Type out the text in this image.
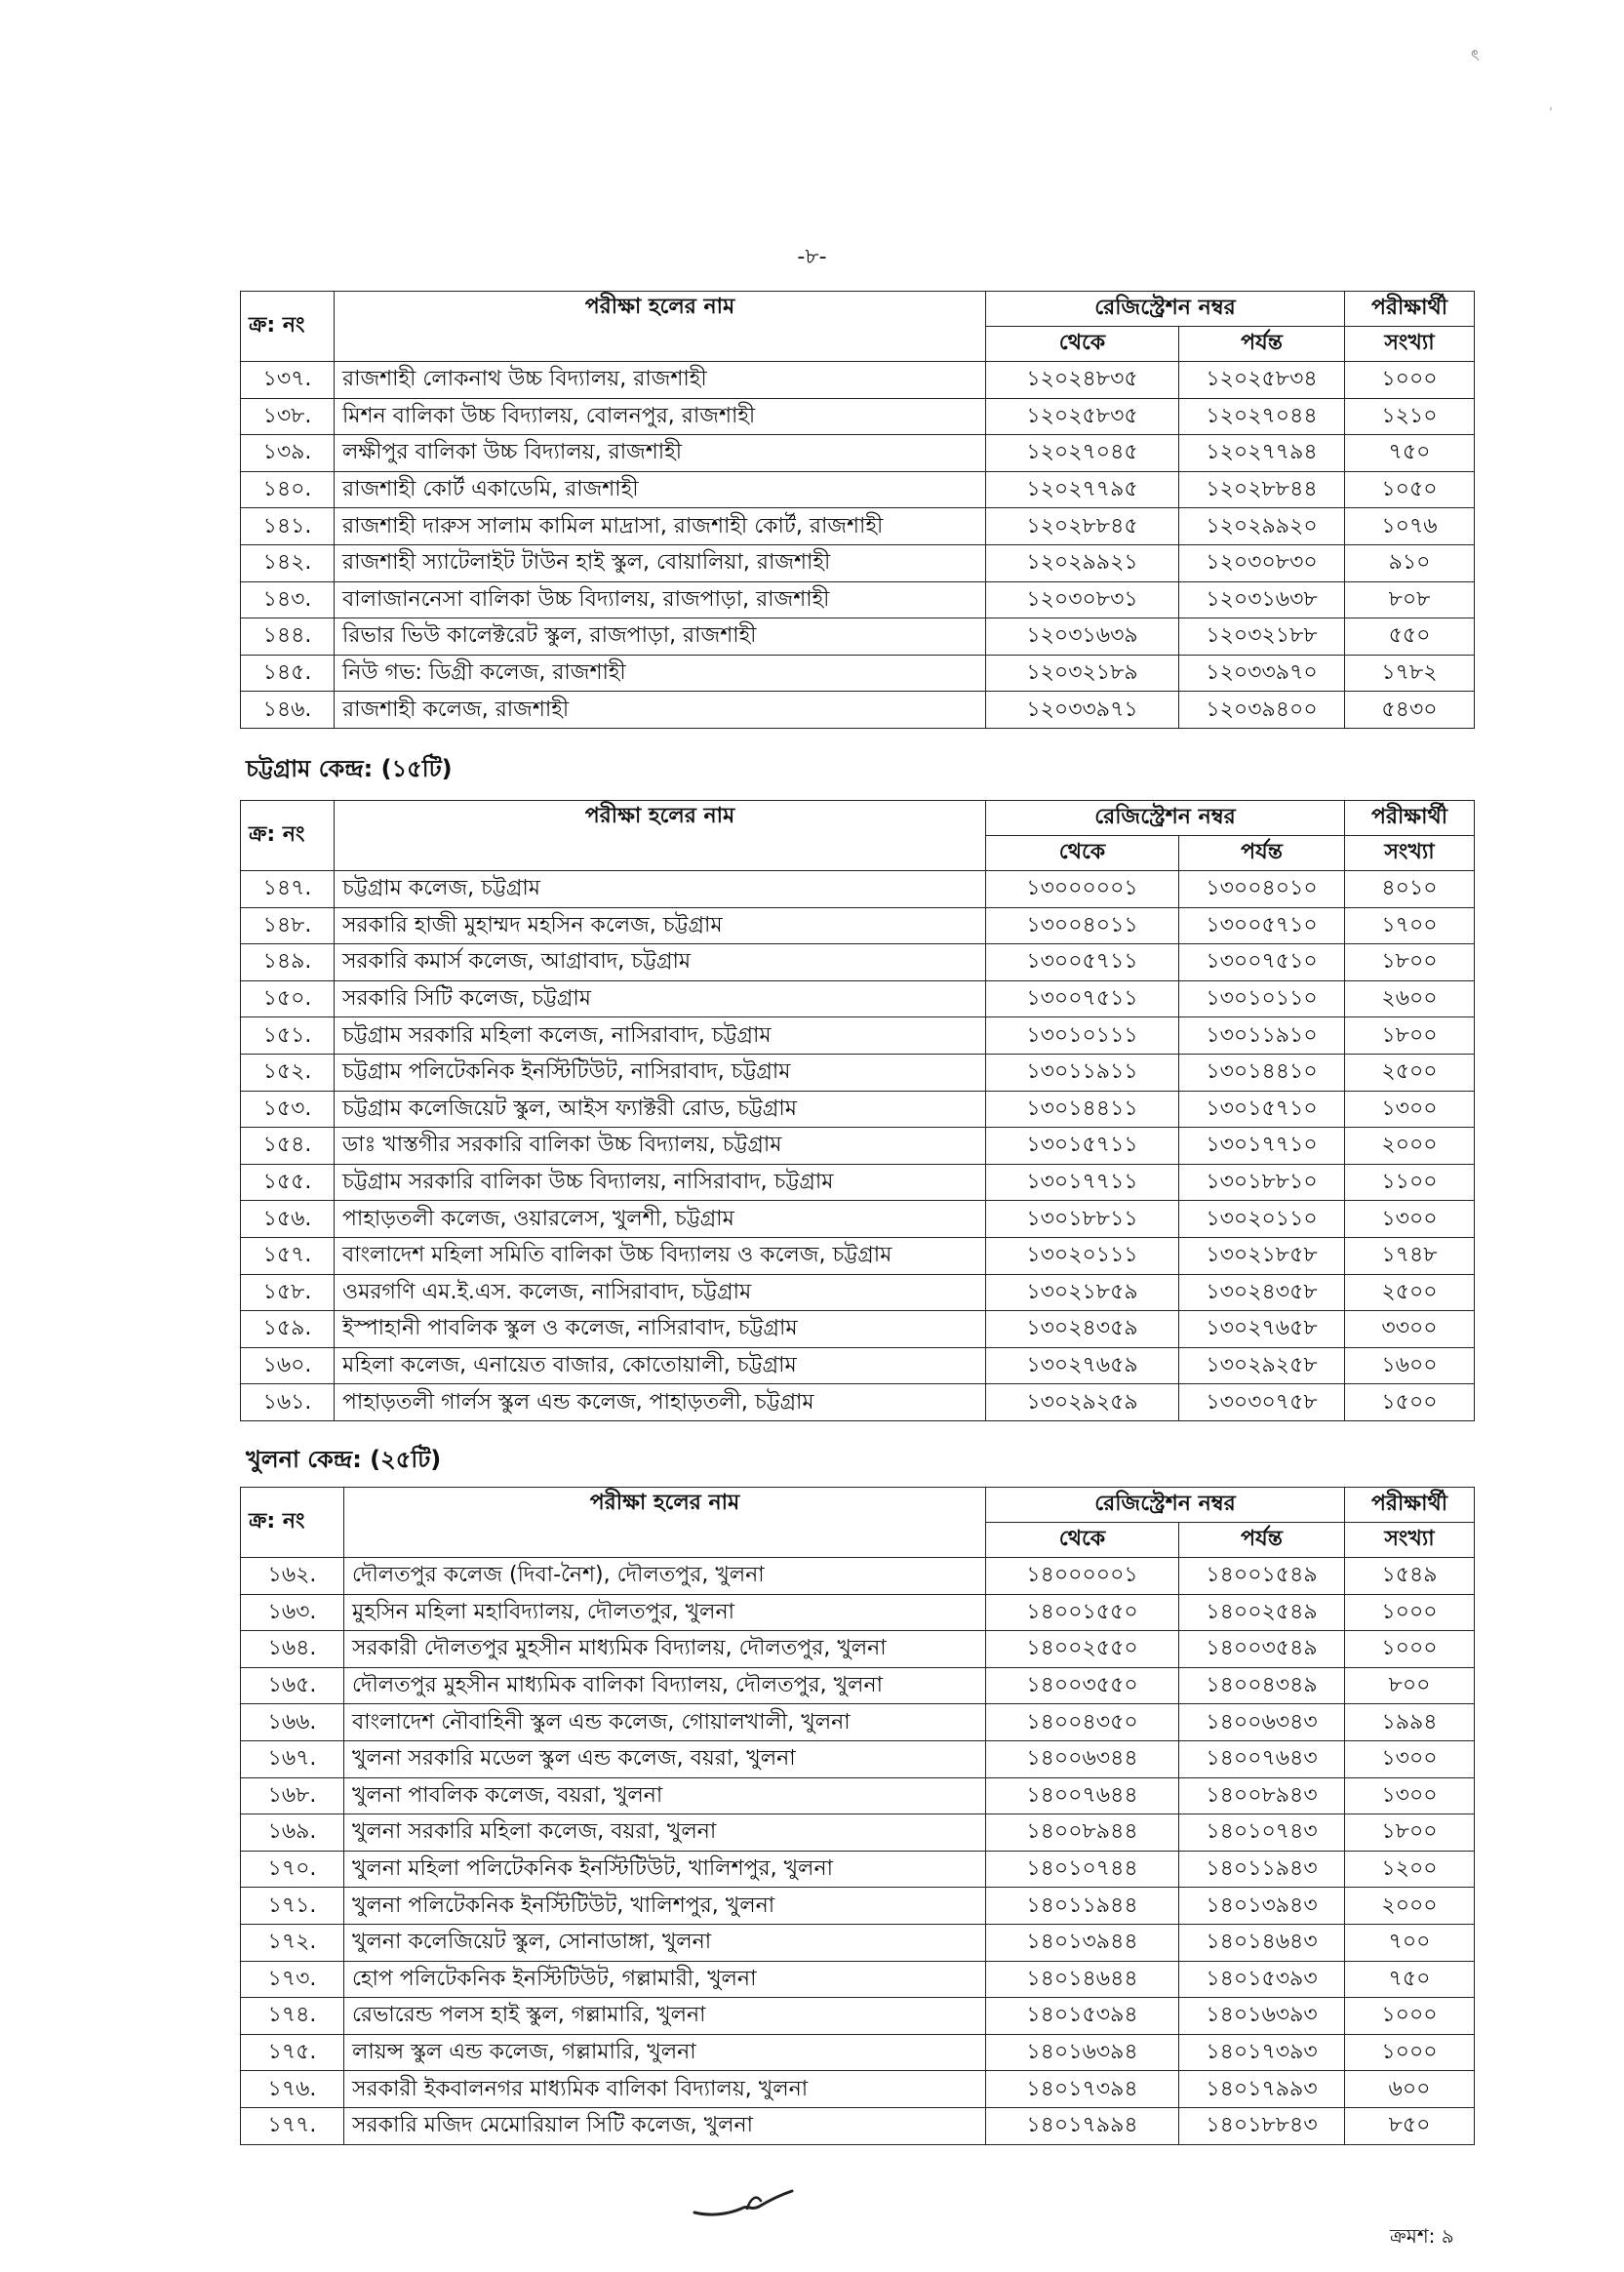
ৎ
ʼ
-৮-
ক্র: নং	পরীক্ষা হলের নাম	রেজিস্ট্রেশন নম্বর		পরীক্ষার্থী
		থেকে	পর্যন্ত	সংখ্যা
১৩৭.	রাজশাহী লোকনাথ উচ্চ বিদ্যালয়, রাজশাহী	১২০২৪৮৩৫	১২০২৫৮৩৪	১০০০
১৩৮.	মিশন বালিকা উচ্চ বিদ্যালয়, বোলনপুর, রাজশাহী	১২০২৫৮৩৫	১২০২৭০৪৪	১২১০
১৩৯.	লক্ষীপুর বালিকা উচ্চ বিদ্যালয়, রাজশাহী	১২০২৭০৪৫	১২০২৭৭৯৪	৭৫০
১৪০.	রাজশাহী কোর্ট একাডেমি, রাজশাহী	১২০২৭৭৯৫	১২০২৮৮৪৪	১০৫০
১৪১.	রাজশাহী দারুস সালাম কামিল মাদ্রাসা, রাজশাহী কোর্ট, রাজশাহী	১২০২৮৮৪৫	১২০২৯৯২০	১০৭৬
১৪২.	রাজশাহী স্যাটেলাইট টাউন হাই স্কুল, বোয়ালিয়া, রাজশাহী	১২০২৯৯২১	১২০৩০৮৩০	৯১০
১৪৩.	বালাজাননেসা বালিকা উচ্চ বিদ্যালয়, রাজপাড়া, রাজশাহী	১২০৩০৮৩১	১২০৩১৬৩৮	৮০৮
১৪৪.	রিভার ভিউ কালেক্টরেট স্কুল, রাজপাড়া, রাজশাহী	১২০৩১৬৩৯	১২০৩২১৮৮	৫৫০
১৪৫.	নিউ গভ: ডিগ্রী কলেজ, রাজশাহী	১২০৩২১৮৯	১২০৩৩৯৭০	১৭৮২
১৪৬.	রাজশাহী কলেজ, রাজশাহী	১২০৩৩৯৭১	১২০৩৯৪০০	৫৪৩০
চট্টগ্রাম কেন্দ্র: (১৫টি)
ক্র: নং	পরীক্ষা হলের নাম	রেজিস্ট্রেশন নম্বর		পরীক্ষার্থী
		থেকে	পর্যন্ত	সংখ্যা
১৪৭.	চট্টগ্রাম কলেজ, চট্টগ্রাম	১৩০০০০০১	১৩০০৪০১০	৪০১০
১৪৮.	সরকারি হাজী মুহাম্মদ মহসিন কলেজ, চট্টগ্রাম	১৩০০৪০১১	১৩০০৫৭১০	১৭০০
১৪৯.	সরকারি কমার্স কলেজ, আগ্রাবাদ, চট্টগ্রাম	১৩০০৫৭১১	১৩০০৭৫১০	১৮০০
১৫০.	সরকারি সিটি কলেজ, চট্টগ্রাম	১৩০০৭৫১১	১৩০১০১১০	২৬০০
১৫১.	চট্টগ্রাম সরকারি মহিলা কলেজ, নাসিরাবাদ, চট্টগ্রাম	১৩০১০১১১	১৩০১১৯১০	১৮০০
১৫২.	চট্টগ্রাম পলিটেকনিক ইনস্টিটিউট, নাসিরাবাদ, চট্টগ্রাম	১৩০১১৯১১	১৩০১৪৪১০	২৫০০
১৫৩.	চট্টগ্রাম কলেজিয়েট স্কুল, আইস ফ্যাক্টরী রোড, চট্টগ্রাম	১৩০১৪৪১১	১৩০১৫৭১০	১৩০০
১৫৪.	ডাঃ খাস্তগীর সরকারি বালিকা উচ্চ বিদ্যালয়, চট্টগ্রাম	১৩০১৫৭১১	১৩০১৭৭১০	২০০০
১৫৫.	চট্টগ্রাম সরকারি বালিকা উচ্চ বিদ্যালয়, নাসিরাবাদ, চট্টগ্রাম	১৩০১৭৭১১	১৩০১৮৮১০	১১০০
১৫৬.	পাহাড়তলী কলেজ, ওয়ারলেস, খুলশী, চট্টগ্রাম	১৩০১৮৮১১	১৩০২০১১০	১৩০০
১৫৭.	বাংলাদেশ মহিলা সমিতি বালিকা উচ্চ বিদ্যালয় ও কলেজ, চট্টগ্রাম	১৩০২০১১১	১৩০২১৮৫৮	১৭৪৮
১৫৮.	ওমরগণি এম.ই.এস. কলেজ, নাসিরাবাদ, চট্টগ্রাম	১৩০২১৮৫৯	১৩০২৪৩৫৮	২৫০০
১৫৯.	ইস্পাহানী পাবলিক স্কুল ও কলেজ, নাসিরাবাদ, চট্টগ্রাম	১৩০২৪৩৫৯	১৩০২৭৬৫৮	৩৩০০
১৬০.	মহিলা কলেজ, এনায়েত বাজার, কোতোয়ালী, চট্টগ্রাম	১৩০২৭৬৫৯	১৩০২৯২৫৮	১৬০০
১৬১.	পাহাড়তলী গার্লস স্কুল এন্ড কলেজ, পাহাড়তলী, চট্টগ্রাম	১৩০২৯২৫৯	১৩০৩০৭৫৮	১৫০০
খুলনা কেন্দ্র: (২৫টি)
ক্র: নং	পরীক্ষা হলের নাম	রেজিস্ট্রেশন নম্বর		পরীক্ষার্থী
		থেকে	পর্যন্ত	সংখ্যা
১৬২.	দৌলতপুর কলেজ (দিবা-নৈশ), দৌলতপুর, খুলনা	১৪০০০০০১	১৪০০১৫৪৯	১৫৪৯
১৬৩.	মুহসিন মহিলা মহাবিদ্যালয়, দৌলতপুর, খুলনা	১৪০০১৫৫০	১৪০০২৫৪৯	১০০০
১৬৪.	সরকারী দৌলতপুর মুহসীন মাধ্যমিক বিদ্যালয়, দৌলতপুর, খুলনা	১৪০০২৫৫০	১৪০০৩৫৪৯	১০০০
১৬৫.	দৌলতপুর মুহসীন মাধ্যমিক বালিকা বিদ্যালয়, দৌলতপুর, খুলনা	১৪০০৩৫৫০	১৪০০৪৩৪৯	৮০০
১৬৬.	বাংলাদেশ নৌবাহিনী স্কুল এন্ড কলেজ, গোয়ালখালী, খুলনা	১৪০০৪৩৫০	১৪০০৬৩৪৩	১৯৯৪
১৬৭.	খুলনা সরকারি মডেল স্কুল এন্ড কলেজ, বয়রা, খুলনা	১৪০০৬৩৪৪	১৪০০৭৬৪৩	১৩০০
১৬৮.	খুলনা পাবলিক কলেজ, বয়রা, খুলনা	১৪০০৭৬৪৪	১৪০০৮৯৪৩	১৩০০
১৬৯.	খুলনা সরকারি মহিলা কলেজ, বয়রা, খুলনা	১৪০০৮৯৪৪	১৪০১০৭৪৩	১৮০০
১৭০.	খুলনা মহিলা পলিটেকনিক ইনস্টিটিউট, খালিশপুর, খুলনা	১৪০১০৭৪৪	১৪০১১৯৪৩	১২০০
১৭১.	খুলনা পলিটেকনিক ইনস্টিটিউট, খালিশপুর, খুলনা	১৪০১১৯৪৪	১৪০১৩৯৪৩	২০০০
১৭২.	খুলনা কলেজিয়েট স্কুল, সোনাডাঙ্গা, খুলনা	১৪০১৩৯৪৪	১৪০১৪৬৪৩	৭০০
১৭৩.	হোপ পলিটেকনিক ইনস্টিটিউট, গল্লামারী, খুলনা	১৪০১৪৬৪৪	১৪০১৫৩৯৩	৭৫০
১৭৪.	রেভারেন্ড পলস হাই স্কুল, গল্লামারি, খুলনা	১৪০১৫৩৯৪	১৪০১৬৩৯৩	১০০০
১৭৫.	লায়ন্স স্কুল এন্ড কলেজ, গল্লামারি, খুলনা	১৪০১৬৩৯৪	১৪০১৭৩৯৩	১০০০
১৭৬.	সরকারী ইকবালনগর মাধ্যমিক বালিকা বিদ্যালয়, খুলনা	১৪০১৭৩৯৪	১৪০১৭৯৯৩	৬০০
১৭৭.	সরকারি মজিদ মেমোরিয়াল সিটি কলেজ, খুলনা	১৪০১৭৯৯৪	১৪০১৮৮৪৩	৮৫০
ক্রমশ: ৯
